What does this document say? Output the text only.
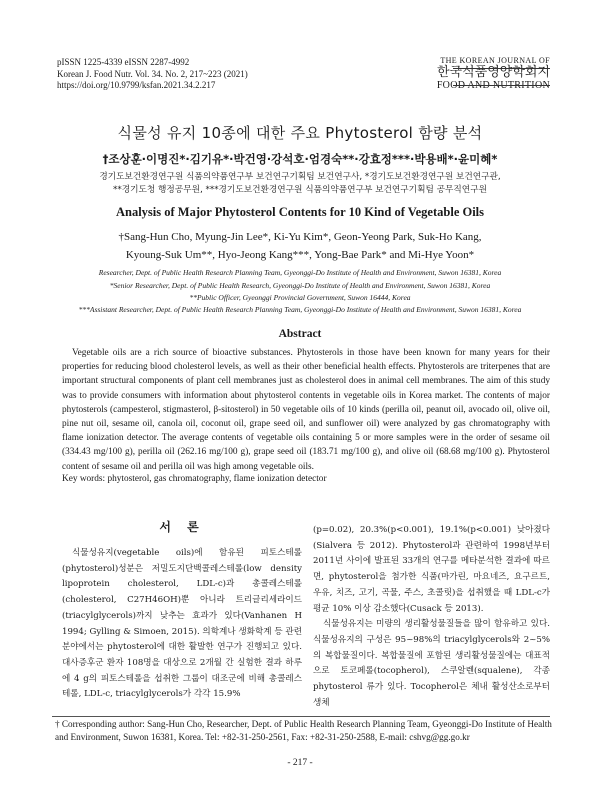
pISSN 1225-4339 eISSN 2287-4992
Korean J. Food Nutr. Vol. 34. No. 2, 217~223 (2021)
https://doi.org/10.9799/ksfan.2021.34.2.217
THE KOREAN JOURNAL OF
한국식품영양학회지
FOOD AND NUTRITION
식물성 유지 10종에 대한 주요 Phytosterol 함량 분석
†조상훈·이명진*·김기유*·박건영·강석호·엄경숙**·강효정***·박용배*·윤미혜*
경기도보건환경연구원 식품의약품연구부 보건연구기획팀 보건연구사, *경기도보건환경연구원 보건연구관,
**경기도청 행정공무원, ***경기도보건환경연구원 식품의약품연구부 보건연구기획팀 공무직연구원
Analysis of Major Phytosterol Contents for 10 Kind of Vegetable Oils
†Sang-Hun Cho, Myung-Jin Lee*, Ki-Yu Kim*, Geon-Yeong Park, Suk-Ho Kang,
Kyoung-Suk Um**, Hyo-Jeong Kang***, Yong-Bae Park* and Mi-Hye Yoon*
Researcher, Dept. of Public Health Research Planning Team, Gyeonggi-Do Institute of Health and Environment, Suwon 16381, Korea
*Senior Researcher, Dept. of Public Health Research, Gyeonggi-Do Institute of Health and Environment, Suwon 16381, Korea
**Public Officer, Gyeonggi Provincial Government, Suwon 16444, Korea
***Assistant Researcher, Dept. of Public Health Research Planning Team, Gyeonggi-Do Institute of Health and Environment, Suwon 16381, Korea
Abstract

Vegetable oils are a rich source of bioactive substances. Phytosterols in those have been known for many years for their properties for reducing blood cholesterol levels, as well as their other beneficial health effects. Phytosterols are triterpenes that are important structural components of plant cell membranes just as cholesterol does in animal cell membranes. The aim of this study was to provide consumers with information about phytosterol contents in vegetable oils in Korea market. The contents of major phytosterols (campesterol, stigmasterol, β-sitosterol) in 50 vegetable oils of 10 kinds (perilla oil, peanut oil, avocado oil, olive oil, pine nut oil, sesame oil, canola oil, coconut oil, grape seed oil, and sunflower oil) were analyzed by gas chromatography with flame ionization detector. The average contents of vegetable oils containing 5 or more samples were in the order of sesame oil (334.43 mg/100 g), perilla oil (262.16 mg/100 g), grape seed oil (183.71 mg/100 g), and olive oil (68.68 mg/100 g). Phytosterol content of sesame oil and perilla oil was high among vegetable oils.

Key words: phytosterol, gas chromatography, flame ionization detector
서 론

식물성유지(vegetable oils)에 함유된 피토스테롤(phytosterol)성분은 저밀도지단백콜레스테롤(low density lipoprotein cholesterol, LDL-c)과 총콜레스테롤(cholesterol, C27H46OH)뿐 아니라 트리글리세라이드(triacylglycerols)까지 낮추는 효과가 있다(Vanhanen H 1994; Gylling & Simoen, 2015). 의학계나 생화학계 등 관련 분야에서는 phytosterol에 대한 활발한 연구가 진행되고 있다. 대사증후군 환자 108명을 대상으로 2개월 간 실험한 결과 하루에 4 g의 피토스테롤을 섭취한 그룹이 대조군에 비해 총콜레스테롤, LDL-c, triacylglycerols가 각각 15.9%

(p=0.02), 20.3%(p<0.001), 19.1%(p<0.001) 낮아졌다(Sialvera 등 2012). Phytosterol과 관련하여 1998년부터 2011년 사이에 발표된 33개의 연구를 메타분석한 결과에 따르면, phytosterol을 첨가한 식품(마가린, 마요네즈, 요구르트, 우유, 치즈, 고기, 곡물, 주스, 초콜릿)을 섭취했을 때 LDL-c가 평균 10% 이상 감소했다(Cusack 등 2013).

식물성유지는 미량의 생리활성물질들을 많이 함유하고 있다. 식물성유지의 구성은 95~98%의 triacylglycerols와 2~5%의 복합물질이다. 복합물질에 포함된 생리활성물질에는 대표적으로 토코페롤(tocopherol), 스쿠알렌(squalene), 각종 phytosterol 류가 있다. Tocopherol은 체내 활성산소로부터 생체

† Corresponding author: Sang-Hun Cho, Researcher, Dept. of Public Health Research Planning Team, Gyeonggi-Do Institute of Health and Environment, Suwon 16381, Korea. Tel: +82-31-250-2561, Fax: +82-31-250-2588, E-mail: cshvg@gg.go.kr
- 217 -
